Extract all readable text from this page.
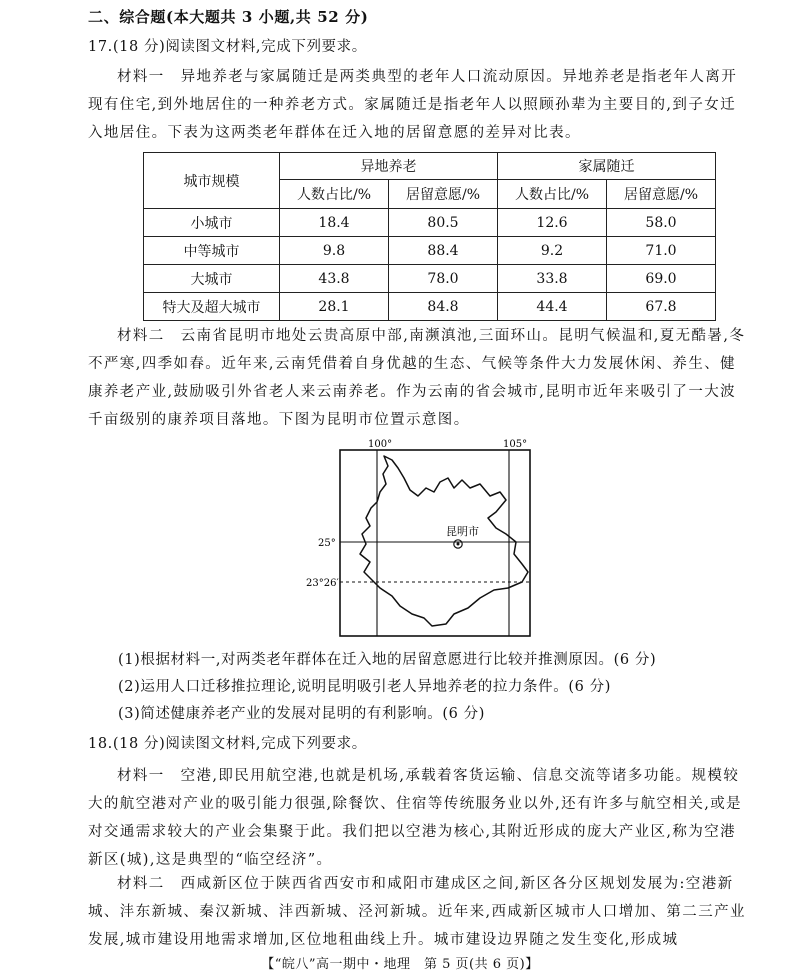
二、综合题(本大题共 3 小题,共 52 分)
17.(18 分)阅读图文材料,完成下列要求。
材料一　异地养老与家属随迁是两类典型的老年人口流动原因。异地养老是指老年人离开现有住宅,到外地居住的一种养老方式。家属随迁是指老年人以照顾孙辈为主要目的,到子女迁入地居住。下表为这两类老年群体在迁入地的居留意愿的差异对比表。
城市规模	异地养老		家属随迁	
	人数占比/%	居留意愿/%	人数占比/%	居留意愿/%
小城市	18.4	80.5	12.6	58.0
中等城市	9.8	88.4	9.2	71.0
大城市	43.8	78.0	33.8	69.0
特大及超大城市	28.1	84.8	44.4	67.8
材料二　云南省昆明市地处云贵高原中部,南濒滇池,三面环山。昆明气候温和,夏无酷暑,冬不严寒,四季如春。近年来,云南凭借着自身优越的生态、气候等条件大力发展休闲、养生、健康养老产业,鼓励吸引外省老人来云南养老。作为云南的省会城市,昆明市近年来吸引了一大波千亩级别的康养项目落地。下图为昆明市位置示意图。
100°	105°
25°
23°26′
昆明市
(1)根据材料一,对两类老年群体在迁入地的居留意愿进行比较并推测原因。(6 分)
(2)运用人口迁移推拉理论,说明昆明吸引老人异地养老的拉力条件。(6 分)
(3)简述健康养老产业的发展对昆明的有利影响。(6 分)
18.(18 分)阅读图文材料,完成下列要求。
材料一　空港,即民用航空港,也就是机场,承载着客货运输、信息交流等诸多功能。规模较大的航空港对产业的吸引能力很强,除餐饮、住宿等传统服务业以外,还有许多与航空相关,或是对交通需求较大的产业会集聚于此。我们把以空港为核心,其附近形成的庞大产业区,称为空港新区(城),这是典型的“临空经济”。
材料二　西咸新区位于陕西省西安市和咸阳市建成区之间,新区各分区规划发展为:空港新城、沣东新城、秦汉新城、沣西新城、泾河新城。近年来,西咸新区城市人口增加、第二三产业发展,城市建设用地需求增加,区位地租曲线上升。城市建设边界随之发生变化,形成城
【“皖八”高一期中・地理　第 5 页(共 6 页)】
